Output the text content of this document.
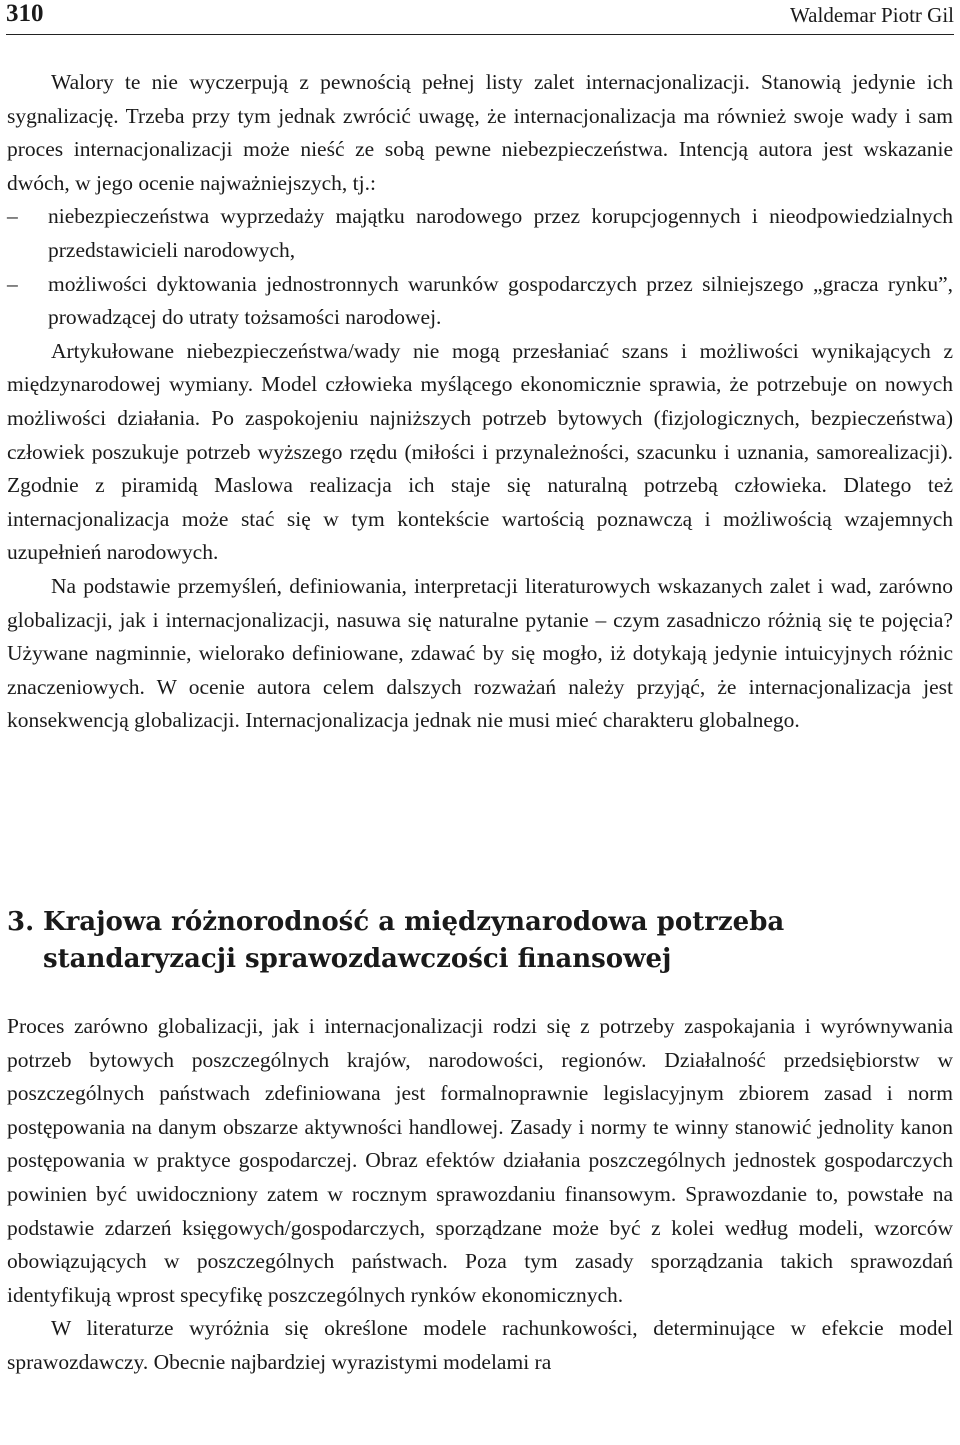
310	Waldemar Piotr Gil

Walory te nie wyczerpują z pewnością pełnej listy zalet internacjonalizacji. Stanowią jedynie ich sygnalizację. Trzeba przy tym jednak zwrócić uwagę, że internacjonalizacja ma również swoje wady i sam proces internacjonalizacji może nieść ze sobą pewne niebezpieczeństwa. Intencją autora jest wskazanie dwóch, w jego ocenie najważniejszych, tj.:

–	niebezpieczeństwa wyprzedaży majątku narodowego przez korupcjogennych i nieodpowiedzialnych przedstawicieli narodowych,
–	możliwości dyktowania jednostronnych warunków gospodarczych przez silniejszego „gracza rynku”, prowadzącej do utraty tożsamości narodowej.

Artykułowane niebezpieczeństwa/wady nie mogą przesłaniać szans i możliwości wynikających z międzynarodowej wymiany. Model człowieka myślącego ekonomicznie sprawia, że potrzebuje on nowych możliwości działania. Po zaspokojeniu najniższych potrzeb bytowych (fizjologicznych, bezpieczeństwa) człowiek poszukuje potrzeb wyższego rzędu (miłości i przynależności, szacunku i uznania, samorealizacji). Zgodnie z piramidą Maslowa realizacja ich staje się naturalną potrzebą człowieka. Dlatego też internacjonalizacja może stać się w tym kontekście wartością poznawczą i możliwością wzajemnych uzupełnień narodowych.

Na podstawie przemyśleń, definiowania, interpretacji literaturowych wskazanych zalet i wad, zarówno globalizacji, jak i internacjonalizacji, nasuwa się naturalne pytanie – czym zasadniczo różnią się te pojęcia? Używane nagminnie, wielorako definiowane, zdawać by się mogło, iż dotykają jedynie intuicyjnych różnic znaczeniowych. W ocenie autora celem dalszych rozważań należy przyjąć, że internacjonalizacja jest konsekwencją globalizacji. Internacjonalizacja jednak nie musi mieć charakteru globalnego.

3. Krajowa różnorodność a międzynarodowa potrzeba
standaryzacji sprawozdawczości finansowej

Proces zarówno globalizacji, jak i internacjonalizacji rodzi się z potrzeby zaspokajania i wyrównywania potrzeb bytowych poszczególnych krajów, narodowości, regionów. Działalność przedsiębiorstw w poszczególnych państwach zdefiniowana jest formalnoprawnie legislacyjnym zbiorem zasad i norm postępowania na danym obszarze aktywności handlowej. Zasady i normy te winny stanowić jednolity kanon postępowania w praktyce gospodarczej. Obraz efektów działania poszczególnych jednostek gospodarczych powinien być uwidoczniony zatem w rocznym sprawozdaniu finansowym. Sprawozdanie to, powstałe na podstawie zdarzeń księgowych/gospodarczych, sporządzane może być z kolei według modeli, wzorców obowiązujących w poszczególnych państwach. Poza tym zasady sporządzania takich sprawozdań identyfikują wprost specyfikę poszczególnych rynków ekonomicznych.

W literaturze wyróżnia się określone modele rachunkowości, determinujące w efekcie model sprawozdawczy. Obecnie najbardziej wyrazistymi modelami ra
